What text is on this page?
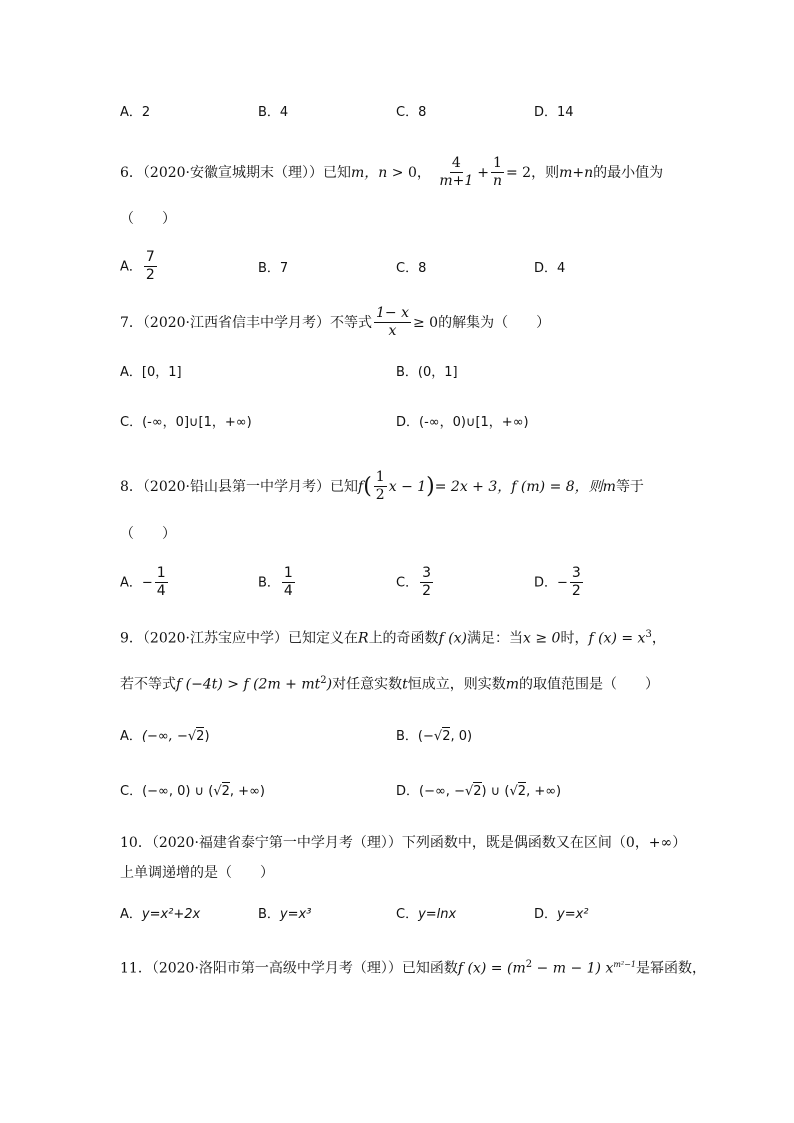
A．2	B．4	C．8	D．14
6．（2020·安徽宣城期末（理））已知m，n > 0， $\frac{4}{m+1} + \frac{1}{n} = 2$，则m+n的最小值为
（　　）
A． $\frac{7}{2}$	B．7	C．8	D．4
7．（2020·江西省信丰中学月考）不等式 $\frac{1- x}{x} \ge 0$的解集为（　　）
A．[0，1]	B．(0，1]
C．(-∞，0]∪[1，+∞)	D．(-∞，0)∪[1，+∞)
8．（2020·铅山县第一中学月考）已知$f( \frac{1}{2}$ x − 1)= 2x + 3，f (m) = 8，则m等于
（　　）
A．− $\frac{1}{4}$	B． $\frac{1}{4}$	C． $\frac{3}{2}$	D．− $\frac{3}{2}$
9．（2020·江苏宝应中学）已知定义在R上的奇函数f (x)满足：当x ≥ 0时，f $(x) = x^3$，
若不等式f (−4t) > f $(2m + mt^2)$对任意实数t恒成立，则实数m的取值范围是（　　）
A．(−∞, −√2)	B．(−√2, 0)
C．(−∞, 0) ∪ (√2, +∞)	D．(−∞, −√2) ∪ (√2, +∞)
10．（2020·福建省泰宁第一中学月考（理））下列函数中，既是偶函数又在区间（0，+∞）
上单调递增的是（　　）
A．y=x²+2x	B．y=x³	C．y=lnx	D．y=x²
11．（2020·洛阳市第一高级中学月考（理））已知函数f $(x) = (m^2 - m - 1)$ $x^{m^2-1}$是幂函数，
